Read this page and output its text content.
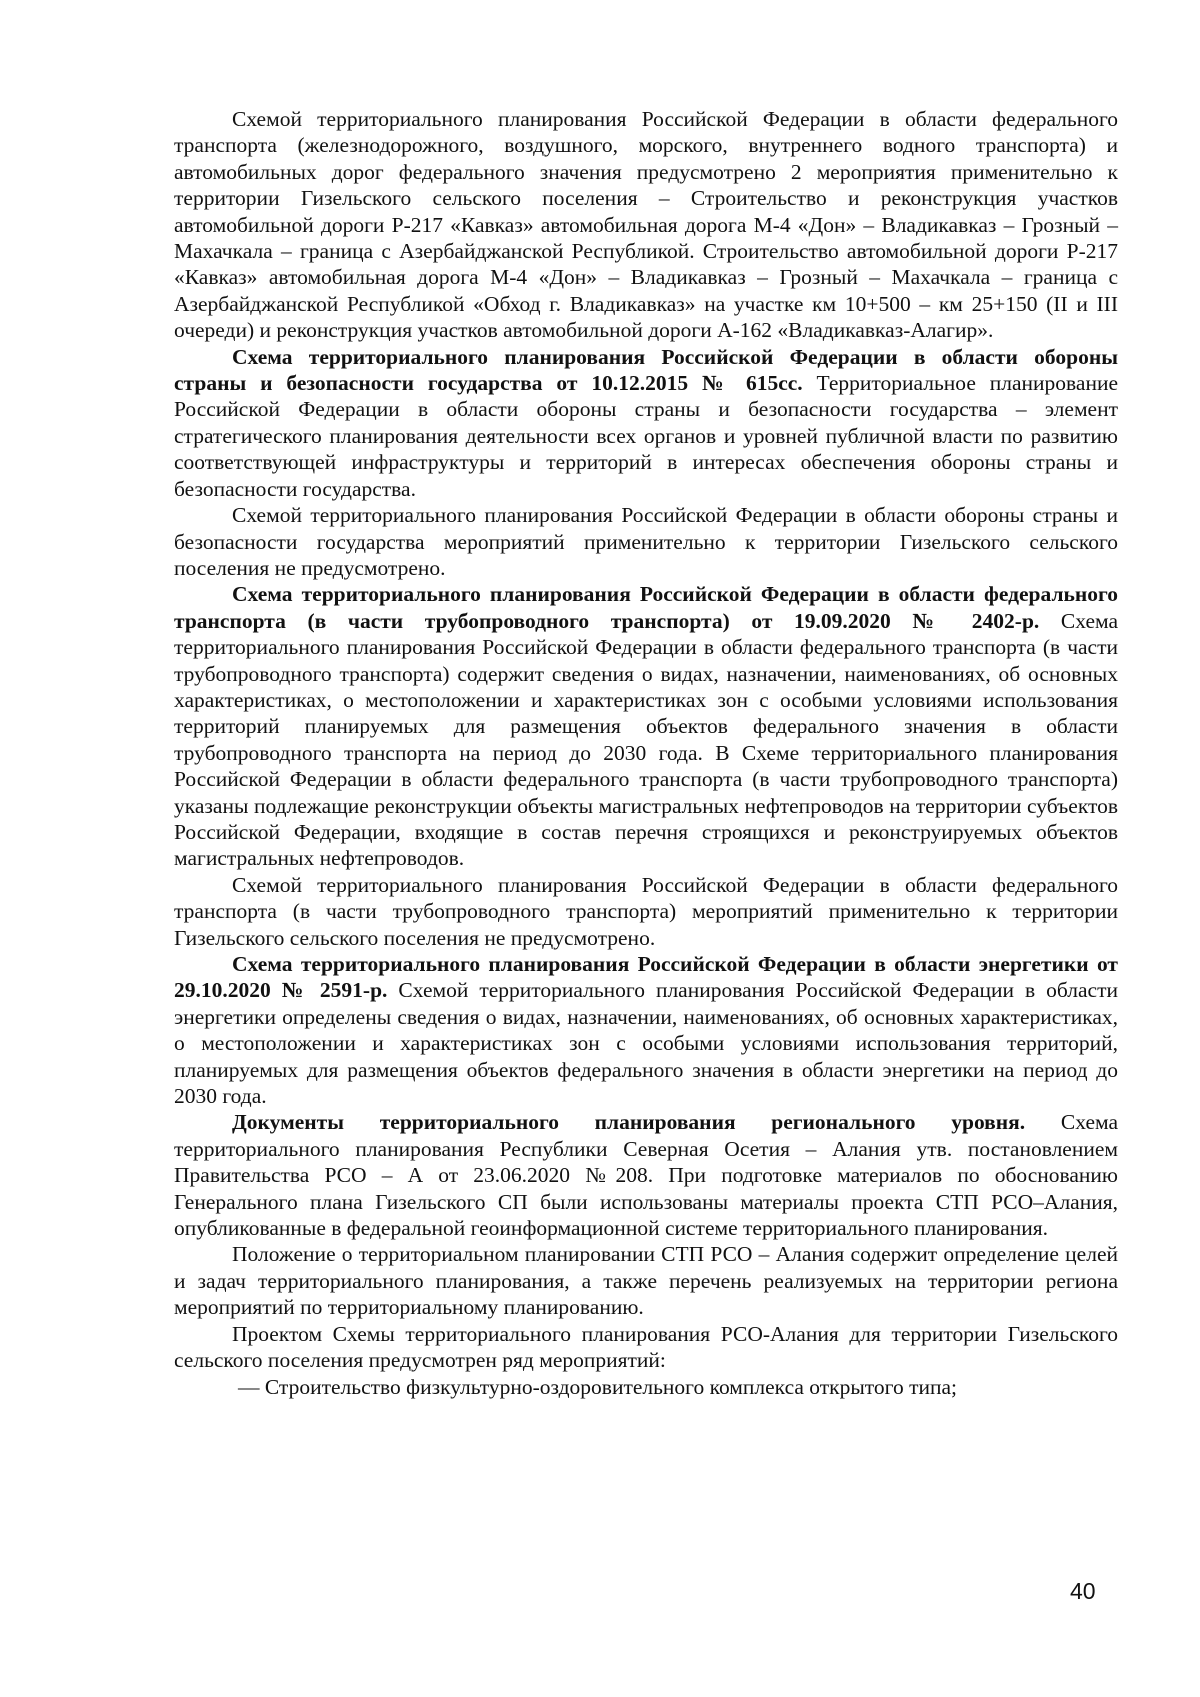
Схемой территориального планирования Российской Федерации в области федерального транспорта (железнодорожного, воздушного, морского, внутреннего водного транспорта) и автомобильных дорог федерального значения предусмотрено 2 мероприятия применительно к территории Гизельского сельского поселения – Строительство и реконструкция участков автомобильной дороги Р-217 «Кавказ» автомобильная дорога М-4 «Дон» – Владикавказ – Грозный – Махачкала – граница с Азербайджанской Республикой. Строительство автомобильной дороги Р-217 «Кавказ» автомобильная дорога М-4 «Дон» – Владикавказ – Грозный – Махачкала – граница с Азербайджанской Республикой «Обход г. Владикавказ» на участке км 10+500 – км 25+150 (II и III очереди) и реконструкция участков автомобильной дороги А-162 «Владикавказ-Алагир».

Схема территориального планирования Российской Федерации в области обороны страны и безопасности государства от 10.12.2015 № 615сс. Территориальное планирование Российской Федерации в области обороны страны и безопасности государства – элемент стратегического планирования деятельности всех органов и уровней публичной власти по развитию соответствующей инфраструктуры и территорий в интересах обеспечения обороны страны и безопасности государства.

Схемой территориального планирования Российской Федерации в области обороны страны и безопасности государства мероприятий применительно к территории Гизельского сельского поселения не предусмотрено.

Схема территориального планирования Российской Федерации в области федерального транспорта (в части трубопроводного транспорта) от 19.09.2020 № 2402-р. Схема территориального планирования Российской Федерации в области федерального транспорта (в части трубопроводного транспорта) содержит сведения о видах, назначении, наименованиях, об основных характеристиках, о местоположении и характеристиках зон с особыми условиями использования территорий планируемых для размещения объектов федерального значения в области трубопроводного транспорта на период до 2030 года. В Схеме территориального планирования Российской Федерации в области федерального транспорта (в части трубопроводного транспорта) указаны подлежащие реконструкции объекты магистральных нефтепроводов на территории субъектов Российской Федерации, входящие в состав перечня строящихся и реконструируемых объектов магистральных нефтепроводов.

Схемой территориального планирования Российской Федерации в области федерального транспорта (в части трубопроводного транспорта) мероприятий применительно к территории Гизельского сельского поселения не предусмотрено.

Схема территориального планирования Российской Федерации в области энергетики от 29.10.2020 № 2591-р. Схемой территориального планирования Российской Федерации в области энергетики определены сведения о видах, назначении, наименованиях, об основных характеристиках, о местоположении и характеристиках зон с особыми условиями использования территорий, планируемых для размещения объектов федерального значения в области энергетики на период до 2030 года.

Документы территориального планирования регионального уровня. Схема территориального планирования Республики Северная Осетия – Алания утв. постановлением Правительства РСО – А от 23.06.2020 №208. При подготовке материалов по обоснованию Генерального плана Гизельского СП были использованы материалы проекта СТП РСО–Алания, опубликованные в федеральной геоинформационной системе территориального планирования.

Положение о территориальном планировании СТП РСО – Алания содержит определение целей и задач территориального планирования, а также перечень реализуемых на территории региона мероприятий по территориальному планированию.

Проектом Схемы территориального планирования РСО-Алания для территории Гизельского сельского поселения предусмотрен ряд мероприятий:

— Строительство физкультурно-оздоровительного комплекса открытого типа;

40
